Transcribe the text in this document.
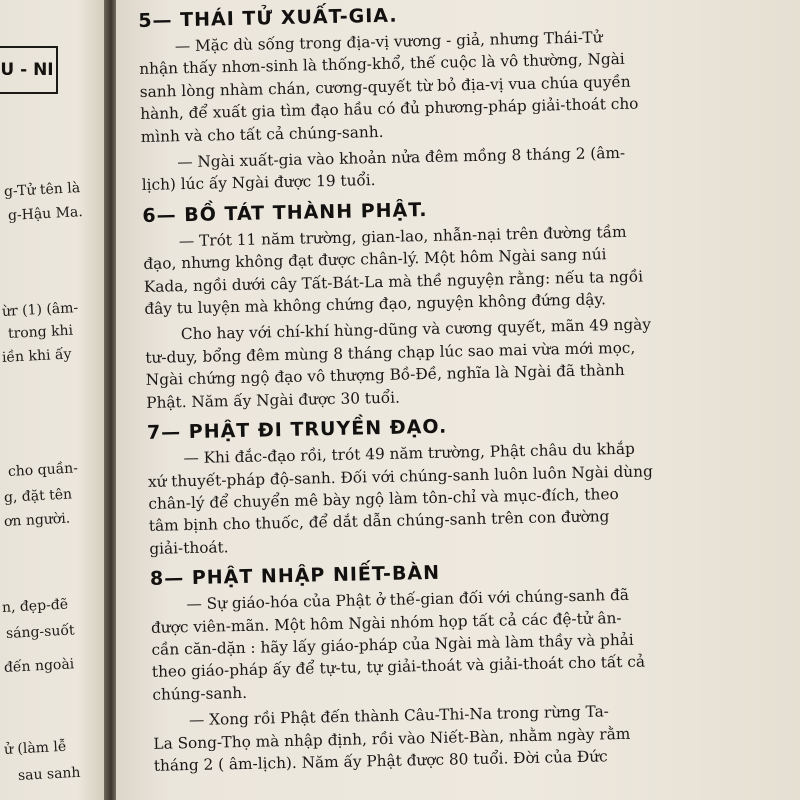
U - NI
g-Tử tên là
g-Hậu Ma.
ừr (1) (âm-
trong khi
iền khi ấy
cho quần-
g, đặt tên
ơn người.
n, đẹp-đẽ
sáng-suốt
đến ngoài
ử (làm lễ
sau sanh
5— THÁI TỬ XUẤT-GIA.
— Mặc dù sống trong địa-vị vương - giả, nhưng Thái-Tử
nhận thấy nhơn-sinh là thống-khổ, thế cuộc là vô thường, Ngài
sanh lòng nhàm chán, cương-quyết từ bỏ địa-vị vua chúa quyền
hành, để xuất gia tìm đạo hầu có đủ phương-pháp giải-thoát cho
mình và cho tất cả chúng-sanh.
— Ngài xuất-gia vào khoản nửa đêm mồng 8 tháng 2 (âm-
lịch) lúc ấy Ngài được 19 tuổi.
6— BỒ TÁT THÀNH PHẬT.
— Trót 11 năm trường, gian-lao, nhẫn-nại trên đường tầm
đạo, nhưng không đạt được chân-lý. Một hôm Ngài sang núi
Kada, ngồi dưới cây Tất-Bát-La mà thề nguyện rằng: nếu ta ngồi
đây tu luyện mà không chứng đạo, nguyện không đứng dậy.
Cho hay với chí-khí hùng-dũng và cương quyết, mãn 49 ngày
tư-duy, bổng đêm mùng 8 tháng chạp lúc sao mai vừa mới mọc,
Ngài chứng ngộ đạo vô thượng Bồ-Đề, nghĩa là Ngài đã thành
Phật. Năm ấy Ngài được 30 tuổi.
7— PHẬT ĐI TRUYỀN ĐẠO.
— Khi đắc-đạo rồi, trót 49 năm trường, Phật châu du khắp
xứ thuyết-pháp độ-sanh. Đối với chúng-sanh luôn luôn Ngài dùng
chân-lý để chuyển mê bày ngộ làm tôn-chỉ và mục-đích, theo
tâm bịnh cho thuốc, để dắt dẫn chúng-sanh trên con đường
giải-thoát.
8— PHẬT NHẬP NIẾT-BÀN
— Sự giáo-hóa của Phật ở thế-gian đối với chúng-sanh đã
được viên-mãn. Một hôm Ngài nhóm họp tất cả các đệ-tử ân-
cần căn-dặn : hãy lấy giáo-pháp của Ngài mà làm thầy và phải
theo giáo-pháp ấy để tự-tu, tự giải-thoát và giải-thoát cho tất cả
chúng-sanh.
— Xong rồi Phật đến thành Câu-Thi-Na trong rừng Ta-
La Song-Thọ mà nhập định, rồi vào Niết-Bàn, nhằm ngày rằm
tháng 2 ( âm-lịch). Năm ấy Phật được 80 tuổi. Đời của Đức
